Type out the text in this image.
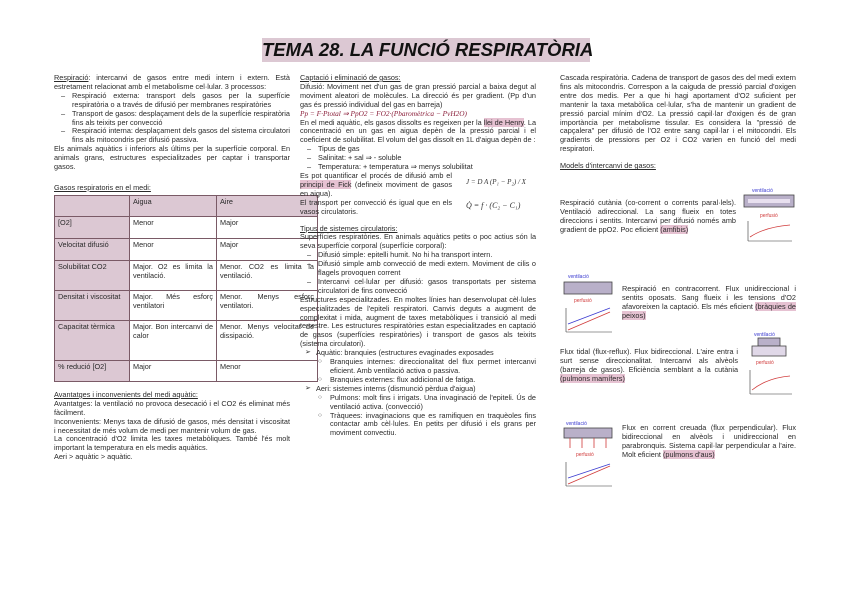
TEMA 28. LA FUNCIÓ RESPIRATÒRIA

Respiració: intercanvi de gasos entre medi intern i extern. Està estretament relacionat amb el metabolisme cel·lular. 3 processos:

– Respiració externa: transport dels gasos per la superfície respiratòria o a través de difusió per membranes respiratòries
– Transport de gasos: desplaçament dels de la superfície respiratòria fins als teixits per convecció
– Respiració interna: desplaçament dels gasos del sistema circulatori fins als mitocondris per difusió passiva.

Els animals aquàtics i inferiors als últims per la superfície corporal. En animals grans, estructures especialitzades per captar i transportar gasos.

Gasos respiratoris en el medi:

	Aigua	Aire
[O2]	Menor	Major
Velocitat difusió	Menor	Major
Solubilitat CO2	Major. O2 es limita la ventilació.	Menor. CO2 es limita la ventilació.
Densitat i viscositat	Major. Més esforç ventilatori	Menor. Menys esforç ventilatori.
Capacitat tèrmica	Major. Bon intercanvi de calor	Menor. Menys velocitat de dissipació.
% redució [O2]	Major	Menor

Avantatges i inconvenients del medi aquàtic:

Avantatges: la ventilació no provoca desecació i el CO2 és eliminat més fàcilment.

Inconvenients: Menys taxa de difusió de gasos, més densitat i viscositat i necessitat de més volum de medi per mantenir volum de gas.

La concentració d'O2 limita les taxes metabòliques. També l'és molt important la temperatura en els medis aquàtics.

Aeri > aquàtic > aquàtic.

Captació i eliminació de gasos:

Difusió: Moviment net d'un gas de gran pressió parcial a baixa degut al moviment aleatori de molècules. La direcció és per gradient. (Pp d'un gas és pressió individual del gas en barreja)

Pp = F·Ptotal ⇒ PpO2 = FO2·(Pbaromètrica − PvH2O)

En el medi aquàtic, els gasos dissolts es regeixen per la llei de Henry. La concentració en un gas en aigua depèn de la pressió parcial i el coeficient de solubilitat. El volum del gas dissolt en 1L d'aigua depèn de :

– Tipus de gas
– Salinitat: + sal ⇒ - soluble
– Temperatura: + temperatura ⇒ menys solubilitat

Es pot quantificar el procés de difusió amb el principi de Fick (defineix moviment de gasos en aigua).

El transport per convecció és igual que en els vasos circulatoris.

J = D A (P₁ − P₂) / X
Q̇ = f · (C₂ − C₁)

Tipus de sistemes circulatoris:

Superfícies respiratòries. En animals aquàtics petits o poc actius són la seva superfície corporal (superfície corporal):

– Difusió simple: epitelli humit. No hi ha transport intern.
– Difusió simple amb convecció de medi extern. Moviment de cilis o flagels provoquen corrent
– Intercanvi cel·lular per difusió: gasos transportats per sistema circulatori de fins convecció

Estructures especialitzades. En moltes línies han desenvolupat cèl·lules especialitzades de l'epiteli respiratori. Canvis deguts a augment de complexitat i mida, augment de taxes metabòliques i transició al medi terrestre. Les estructures respiratòries estan especialitzades en captació de gasos (superfícies respiratòries) i transport de gasos als teixits (sistema circulatori).

➢ Aquàtic: branquies (estructures evaginades exposades
○ Branquies internes: direccionalitat del flux permet intercanvi eficient. Amb ventilació activa o passiva.
○ Branquies externes: flux addicional de fatiga.
➢ Aeri: sistemes interns (dismunció pèrdua d'aigua)
○ Pulmons: molt fins i irrigats. Una invaginació de l'epiteli. Ús de ventilació activa. (convecció)
○ Tràquees: invaginacions que es ramifiquen en traquèoles fins contactar amb cèl·lules. En petits per difusió i els grans per moviment convectiu.

Cascada respiratòria. Cadena de transport de gasos des del medi extern fins als mitocondris. Correspon a la caiguda de pressió parcial d'oxigen entre dos medis. Per a que hi hagi aportament d'O2 suficient per mantenir la taxa metabòlica cel·lular, s'ha de mantenir un gradient de pressió parcial mínim d'O2. La pressió capil·lar d'oxigen és de gran importància per metabolisme tissular. Es considera la "pressió de capçalera" per difusió de l'O2 entre sang capil·lar i el mitocondri. Els gradients de pressions per O2 i CO2 varien en funció del medi respiratori.

Models d'intercanvi de gasos:

Respiració cutània (co-corrent o corrents paral·lels). Ventilació adireccional. La sang flueix en totes direccions i sentits. Intercanvi per difusió només amb gradient de ppO2. Poc eficient (amfibis)

Respiració en contracorrent. Flux unidireccional i sentits oposats. Sang flueix i les tensions d'O2 afavoreixen la captació. Els més eficient (bràquies de peixos)

Flux tidal (flux-reflux). Flux bidireccional. L'aire entra i surt sense direccionalitat. Intercanvi als alvèols (barreja de gasos). Eficiència semblant a la cutània (pulmons mamífers)

Flux en corrent creuada (flux perpendicular). Flux bidireccional en alvèols i unidireccional en parabronquis. Sistema capil·lar perpendicular a l'aire. Molt eficient (pulmons d'aus)

ventilació
perfusió
ventilació
perfusió
ventilació
perfusió
ventilació
perfusió
